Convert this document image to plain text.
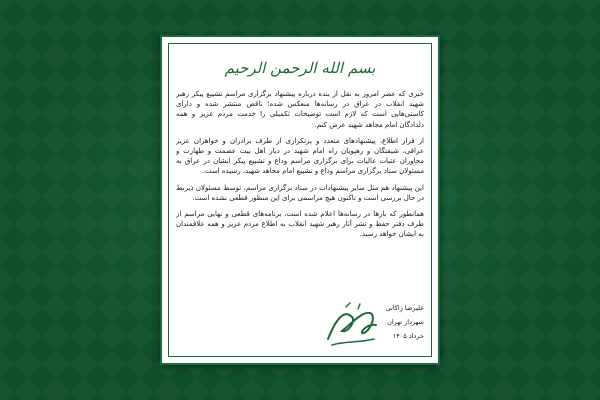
بسم الله الرحمن الرحیم

خبری که عصر امروز به نقل از بنده درباره پیشنهاد برگزاری مراسم تشییع پیکر رهبر شهید انقلاب در عراق در رسانه‌ها منعکس شده؛ ناقص منتشر شده و دارای کاستی‌هایی است که لازم است توضیحات تکمیلی را خدمت مردم عزیز و همه دلدادگان امام مجاهد شهید عرض کنم.

از قرار اطلاع، پیشنهادهای متعدد و پرتکراری از طرف برادران و خواهران عزیز عراقی، شیفتگان و رهپویان راه امام شهید در دیار اهل بیت عصمت و طهارت و مجاوران عتبات عالیات برای برگزاری مراسم وداع و تشییع پیکر ایشان در عراق به مسئولان ستاد برگزاری مراسم وداع و تشییع امام مجاهد شهید، رسیده است.

این پیشنهاد هم مثل سایر پیشنهادات در ستاد برگزاری مراسم، توسط مسئولان ذیربط در حال بررسی است و تاکنون هیچ مراسمی برای این منظور قطعی نشده است.

همانطور که بارها در رسانه‌ها اعلام شده است، برنامه‌های قطعی و نهایی مراسم از طرف دفتر حفظ و نشر آثار رهبر شهید انقلاب به اطلاع مردم عزیز و همه علاقمندان به ایشان خواهد رسید.

علیرضا زاکانی
شهردار تهران
خرداد ۱۴۰۵
